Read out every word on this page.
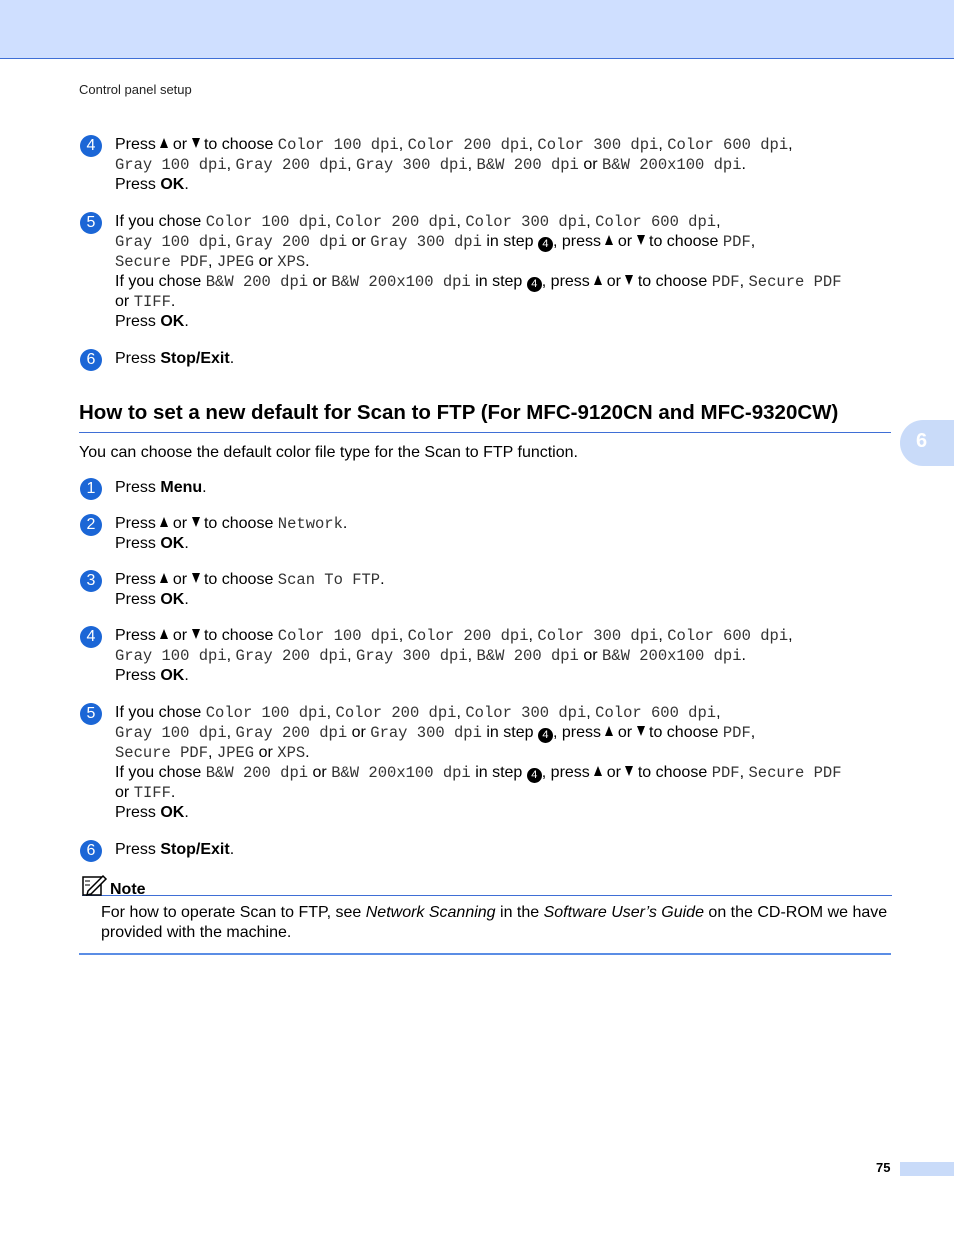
Control panel setup
6
4	Press or to choose Color 100 dpi, Color 200 dpi, Color 300 dpi, Color 600 dpi,
Gray 100 dpi, Gray 200 dpi, Gray 300 dpi, B&W 200 dpi or B&W 200x100 dpi.
Press OK.
5	If you chose Color 100 dpi, Color 200 dpi, Color 300 dpi, Color 600 dpi,
Gray 100 dpi, Gray 200 dpi or Gray 300 dpi in step 4 , press or to choose PDF,
Secure PDF, JPEG or XPS.
If you chose B&W 200 dpi or B&W 200x100 dpi in step 4 , press or to choose PDF, Secure PDF
or TIFF.
Press OK.
6	Press Stop/Exit.
How to set a new default for Scan to FTP (For MFC-9120CN and MFC-9320CW)
You can choose the default color file type for the Scan to FTP function.
1	Press Menu.
2	Press or to choose Network.
Press OK.
3	Press or to choose Scan To FTP.
Press OK.
4	Press or to choose Color 100 dpi, Color 200 dpi, Color 300 dpi, Color 600 dpi,
Gray 100 dpi, Gray 200 dpi, Gray 300 dpi, B&W 200 dpi or B&W 200x100 dpi.
Press OK.
5	If you chose Color 100 dpi, Color 200 dpi, Color 300 dpi, Color 600 dpi,
Gray 100 dpi, Gray 200 dpi or Gray 300 dpi in step 4 , press or to choose PDF,
Secure PDF, JPEG or XPS.
If you chose B&W 200 dpi or B&W 200x100 dpi in step 4 , press or to choose PDF, Secure PDF
or TIFF.
Press OK.
6	Press Stop/Exit.
Note
For how to operate Scan to FTP, see Network Scanning in the Software User’s Guide on the CD-ROM we have provided with the machine.
75
